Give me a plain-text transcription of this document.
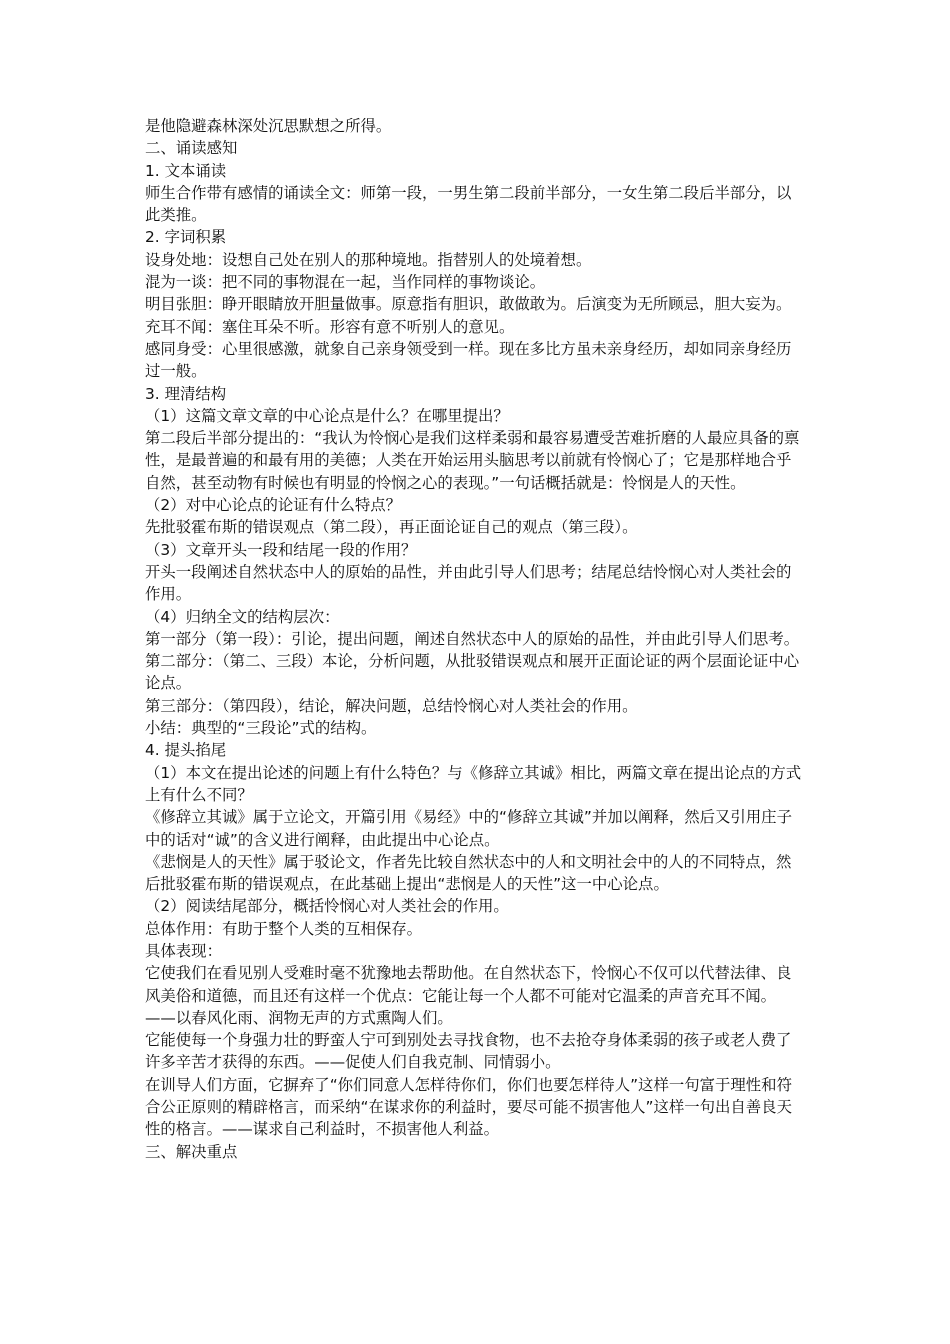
是他隐避森林深处沉思默想之所得。

二、诵读感知

1. 文本诵读

师生合作带有感情的诵读全文：师第一段，一男生第二段前半部分，一女生第二段后半部分，以此类推。

2. 字词积累

设身处地：设想自己处在别人的那种境地。指替别人的处境着想。

混为一谈：把不同的事物混在一起，当作同样的事物谈论。

明目张胆：睁开眼睛放开胆量做事。原意指有胆识，敢做敢为。后演变为无所顾忌，胆大妄为。

充耳不闻：塞住耳朵不听。形容有意不听别人的意见。

感同身受：心里很感激，就象自己亲身领受到一样。现在多比方虽未亲身经历，却如同亲身经历过一般。

3. 理清结构

（1）这篇文章文章的中心论点是什么？在哪里提出？

第二段后半部分提出的：“我认为怜悯心是我们这样柔弱和最容易遭受苦难折磨的人最应具备的禀性，是最普遍的和最有用的美德；人类在开始运用头脑思考以前就有怜悯心了；它是那样地合乎自然，甚至动物有时候也有明显的怜悯之心的表现。”一句话概括就是：怜悯是人的天性。

（2）对中心论点的论证有什么特点？

先批驳霍布斯的错误观点（第二段），再正面论证自己的观点（第三段）。

（3）文章开头一段和结尾一段的作用？

开头一段阐述自然状态中人的原始的品性，并由此引导人们思考；结尾总结怜悯心对人类社会的作用。

（4）归纳全文的结构层次：

第一部分（第一段）：引论，提出问题，阐述自然状态中人的原始的品性，并由此引导人们思考。

第二部分：（第二、三段）本论，分析问题，从批驳错误观点和展开正面论证的两个层面论证中心论点。

第三部分：（第四段），结论，解决问题，总结怜悯心对人类社会的作用。

小结：典型的“三段论”式的结构。

4. 提头掐尾

（1）本文在提出论述的问题上有什么特色？与《修辞立其诚》相比，两篇文章在提出论点的方式上有什么不同？

《修辞立其诚》属于立论文，开篇引用《易经》中的“修辞立其诚”并加以阐释，然后又引用庄子中的话对“诚”的含义进行阐释，由此提出中心论点。

《悲悯是人的天性》属于驳论文，作者先比较自然状态中的人和文明社会中的人的不同特点，然后批驳霍布斯的错误观点，在此基础上提出“悲悯是人的天性”这一中心论点。

（2）阅读结尾部分，概括怜悯心对人类社会的作用。

总体作用：有助于整个人类的互相保存。

具体表现：

它使我们在看见别人受难时毫不犹豫地去帮助他。在自然状态下，怜悯心不仅可以代替法律、良风美俗和道德，而且还有这样一个优点：它能让每一个人都不可能对它温柔的声音充耳不闻。——以春风化雨、润物无声的方式熏陶人们。

它能使每一个身强力壮的野蛮人宁可到别处去寻找食物，也不去抢夺身体柔弱的孩子或老人费了许多辛苦才获得的东西。——促使人们自我克制、同情弱小。

在训导人们方面，它摒弃了“你们同意人怎样待你们，你们也要怎样待人”这样一句富于理性和符合公正原则的精辟格言，而采纳“在谋求你的利益时，要尽可能不损害他人”这样一句出自善良天性的格言。——谋求自己利益时，不损害他人利益。

三、解决重点
